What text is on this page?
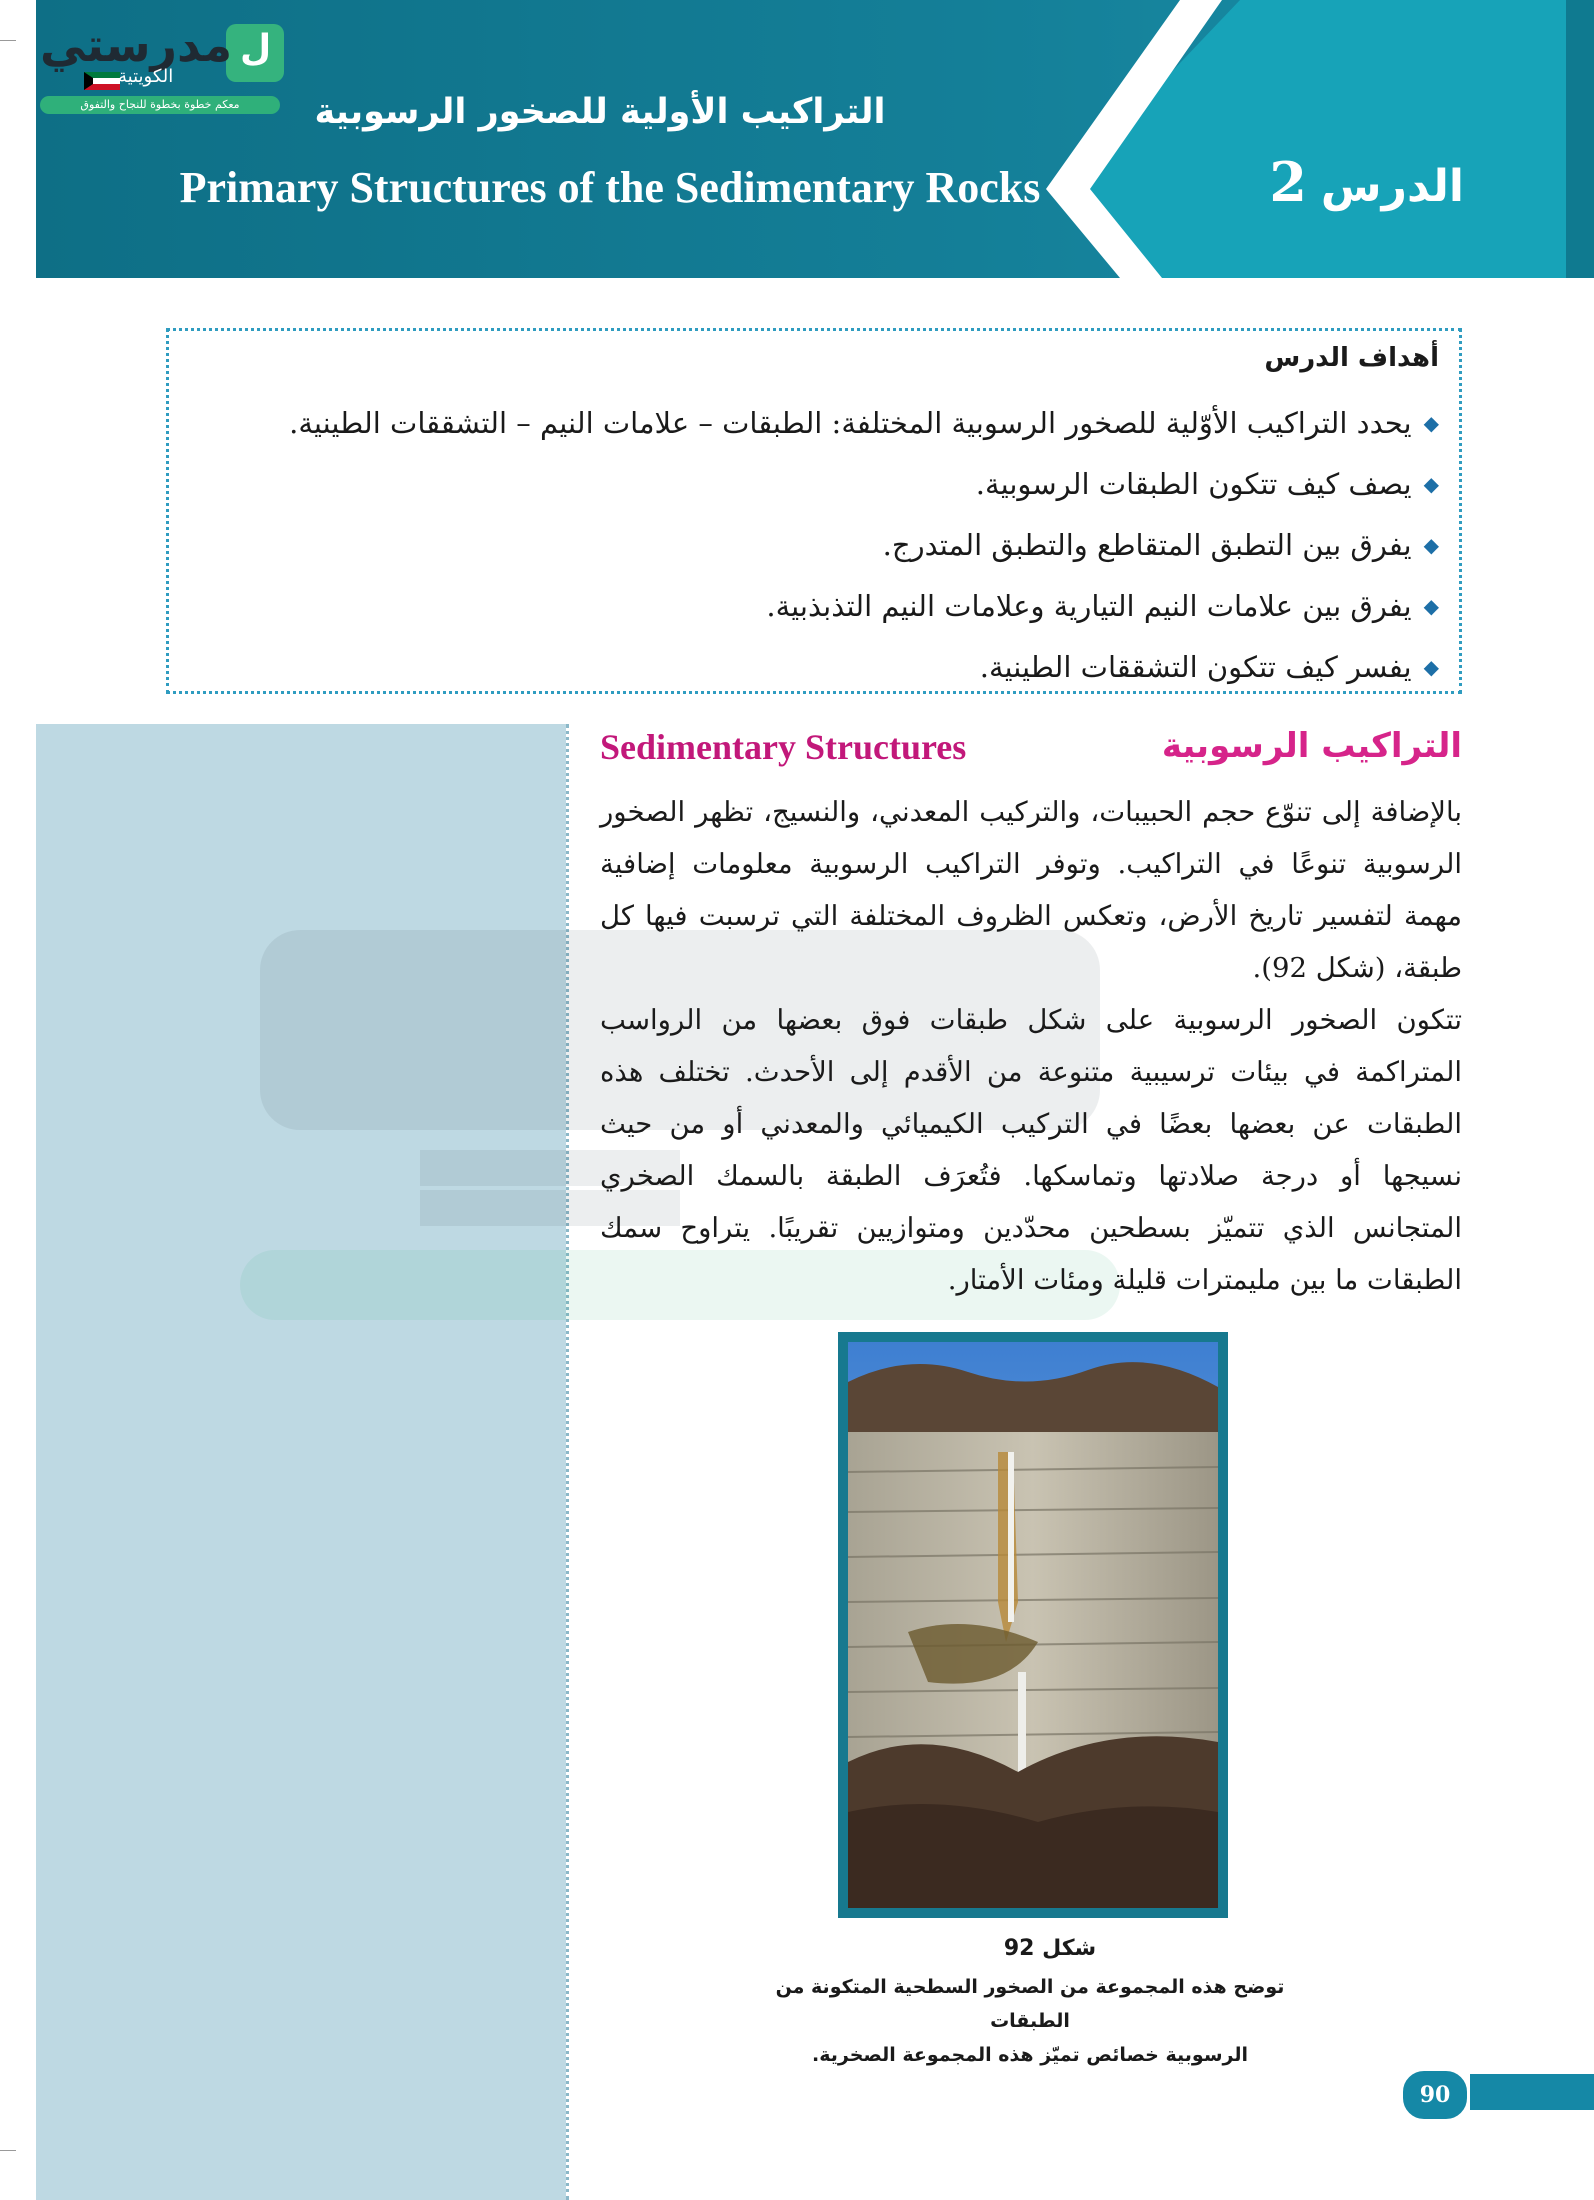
ل
مدرستي
الكويتية
معكم خطوة بخطوة للنجاح والتفوق	التراكيب الأولية للصخور الرسوبية
Primary Structures of the Sedimentary Rocks	الدرس2
أهداف الدرس
◆يحدد التراكيب الأوّلية للصخور الرسوبية المختلفة: الطبقات – علامات النيم – التشققات الطينية.
◆يصف كيف تتكون الطبقات الرسوبية.
◆يفرق بين التطبق المتقاطع والتطبق المتدرج.
◆يفرق بين علامات النيم التيارية وعلامات النيم التذبذبية.
◆يفسر كيف تتكون التشققات الطينية.
التراكيب الرسوبية
Sedimentary Structures

بالإضافة إلى تنوّع حجم الحبيبات، والتركيب المعدني، والنسيج، تظهر الصخور الرسوبية تنوعًا في التراكيب. وتوفر التراكيب الرسوبية معلومات إضافية مهمة لتفسير تاريخ الأرض، وتعكس الظروف المختلفة التي ترسبت فيها كل طبقة، (شكل 92).

تتكون الصخور الرسوبية على شكل طبقات فوق بعضها من الرواسب المتراكمة في بيئات ترسيبية متنوعة من الأقدم إلى الأحدث. تختلف هذه الطبقات عن بعضها بعضًا في التركيب الكيميائي والمعدني أو من حيث نسيجها أو درجة صلادتها وتماسكها. فتُعرَف الطبقة بالسمك الصخري المتجانس الذي تتميّز بسطحين محدّدين ومتوازيين تقريبًا. يتراوح سمك الطبقات ما بين مليمترات قليلة ومئات الأمتار.

شكل 92
توضح هذه المجموعة من الصخور السطحية المتكونة من الطبقات
الرسوبية خصائص تميّز هذه المجموعة الصخرية.
90
